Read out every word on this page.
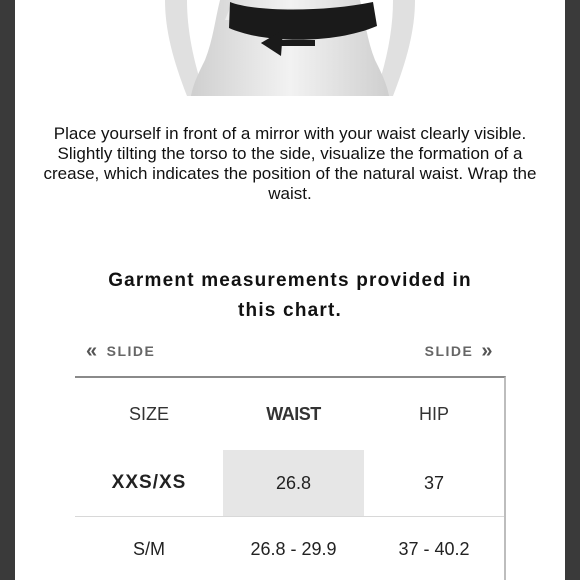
Place yourself in front of a mirror with your waist clearly visible. Slightly tilting the torso to the side, visualize the formation of a crease, which indicates the position of the natural waist. Wrap the waist.
Garment measurements provided in
this chart.
« SLIDE	SLIDE »
SIZE	WAIST	HIP
XXS/XS	26.8	37
S/M	26.8 - 29.9	37 - 40.2
